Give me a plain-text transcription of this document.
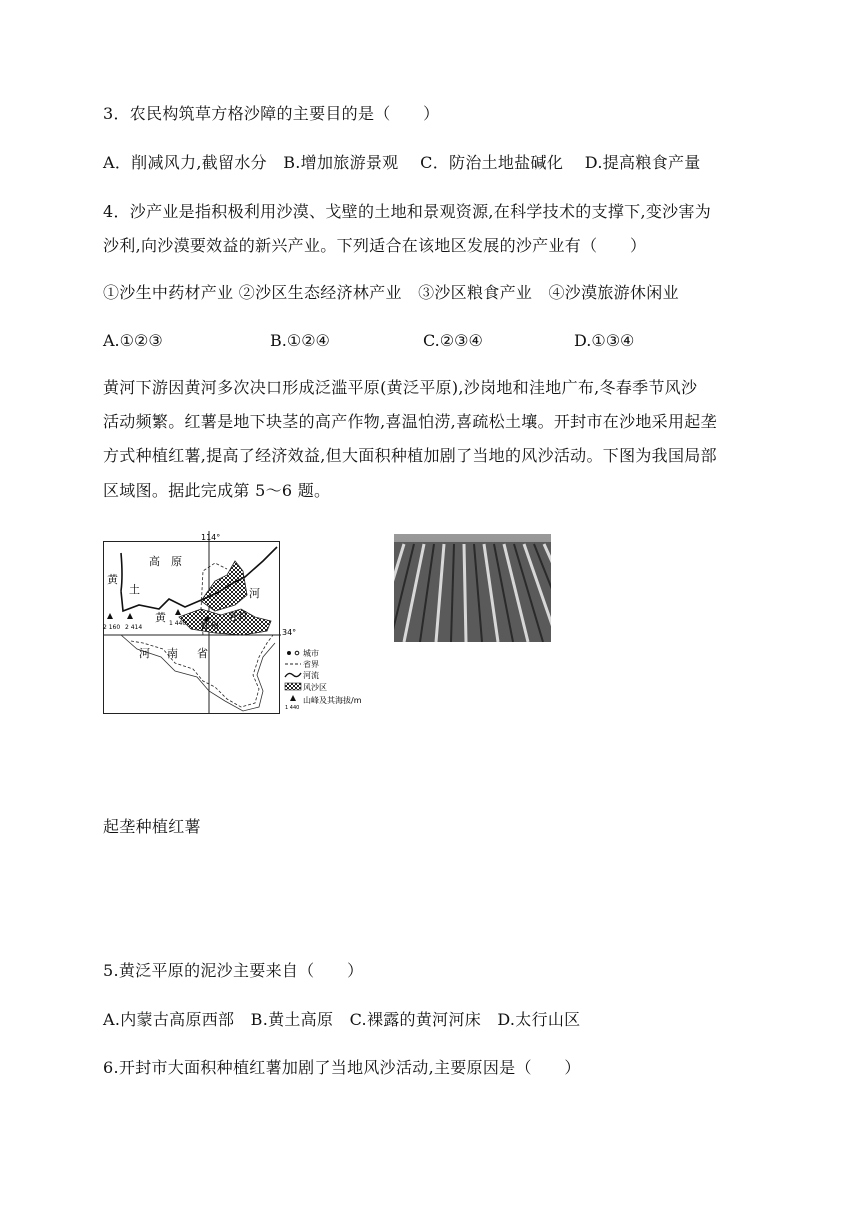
3．农民构筑草方格沙障的主要目的是（　　）
A．削减风力,截留水分　B.增加旅游景观　 C．防治土地盐碱化　 D.提高粮食产量
4．沙产业是指积极利用沙漠、戈壁的土地和景观资源,在科学技术的支撑下,变沙害为
沙利,向沙漠要效益的新兴产业。下列适合在该地区发展的沙产业有（　　）
①沙生中药材产业 ②沙区生态经济林产业　③沙区粮食产业　④沙漠旅游休闲业
A.①②③	B.①②④	C.②③④	D.①③④
黄河下游因黄河多次决口形成泛滥平原(黄泛平原),沙岗地和洼地广布,冬春季节风沙
活动频繁。红薯是地下块茎的高产作物,喜温怕涝,喜疏松土壤。开封市在沙地采用起垄
方式种植红薯,提高了经济效益,但大面积种植加剧了当地的风沙活动。下图为我国局部
区域图。据此完成第 5～6 题。
114°
34°
黄
土
高 原
黄
河
河 南 省
郑州
开封
2 160 2 414
1 440
城市
省界
河流
风沙区
1 440
山峰及其海拔/m
起垄种植红薯
5.黄泛平原的泥沙主要来自（　　）
A.内蒙古高原西部　B.黄土高原　C.裸露的黄河河床　D.太行山区
6.开封市大面积种植红薯加剧了当地风沙活动,主要原因是（　　）
